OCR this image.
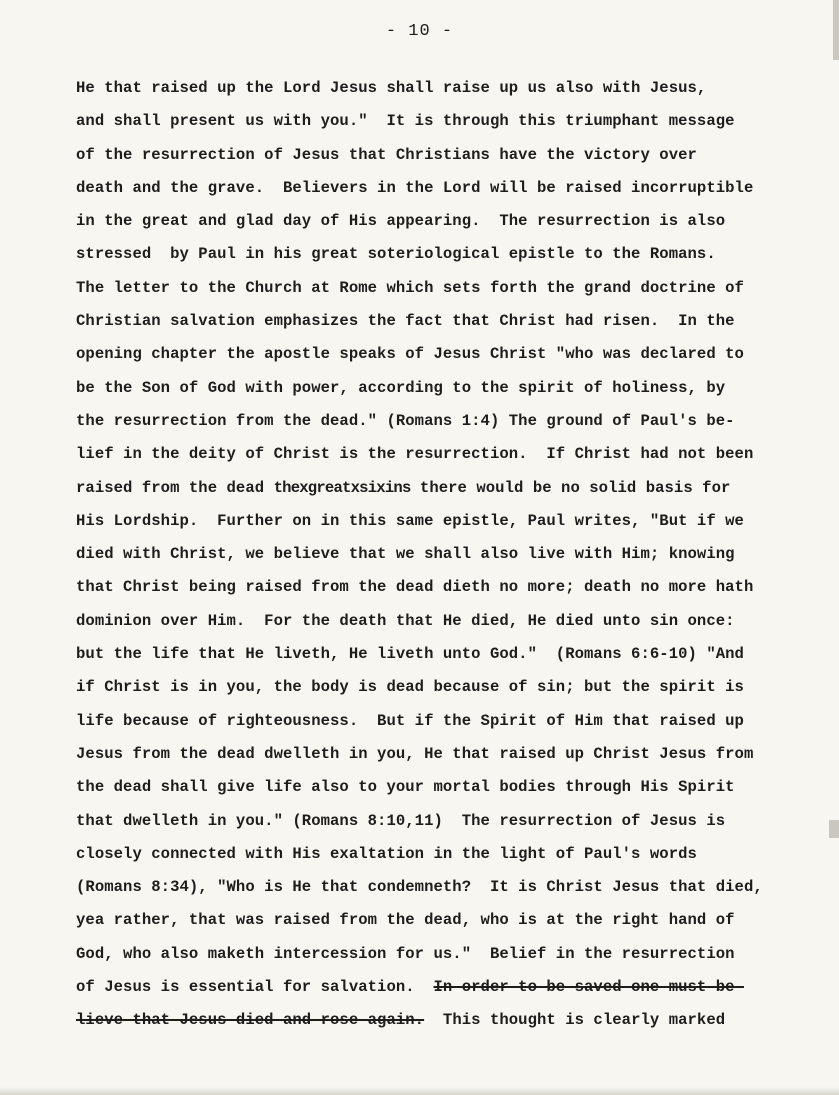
- 10 -
He that raised up the Lord Jesus shall raise up us also with Jesus,
and shall present us with you."  It is through this triumphant message
of the resurrection of Jesus that Christians have the victory over
death and the grave.  Believers in the Lord will be raised incorruptible
in the great and glad day of His appearing.  The resurrection is also
stressed  by Paul in his great soteriological epistle to the Romans.
The letter to the Church at Rome which sets forth the grand doctrine of
Christian salvation emphasizes the fact that Christ had risen.  In the
opening chapter the apostle speaks of Jesus Christ "who was declared to
be the Son of God with power, according to the spirit of holiness, by
the resurrection from the dead." (Romans 1:4) The ground of Paul's be-
lief in the deity of Christ is the resurrection.  If Christ had not been
raised from the dead thexgreatxsixins there would be no solid basis for
His Lordship.  Further on in this same epistle, Paul writes, "But if we
died with Christ, we believe that we shall also live with Him; knowing
that Christ being raised from the dead dieth no more; death no more hath
dominion over Him.  For the death that He died, He died unto sin once:
but the life that He liveth, He liveth unto God."  (Romans 6:6-10) "And
if Christ is in you, the body is dead because of sin; but the spirit is
life because of righteousness.  But if the Spirit of Him that raised up
Jesus from the dead dwelleth in you, He that raised up Christ Jesus from
the dead shall give life also to your mortal bodies through His Spirit
that dwelleth in you." (Romans 8:10,11)  The resurrection of Jesus is
closely connected with His exaltation in the light of Paul's words
(Romans 8:34), "Who is He that condemneth?  It is Christ Jesus that died,
yea rather, that was raised from the dead, who is at the right hand of
God, who also maketh intercession for us."  Belief in the resurrection
of Jesus is essential for salvation.  In order to be saved one must be-
lieve that Jesus died and rose again.  This thought is clearly marked
